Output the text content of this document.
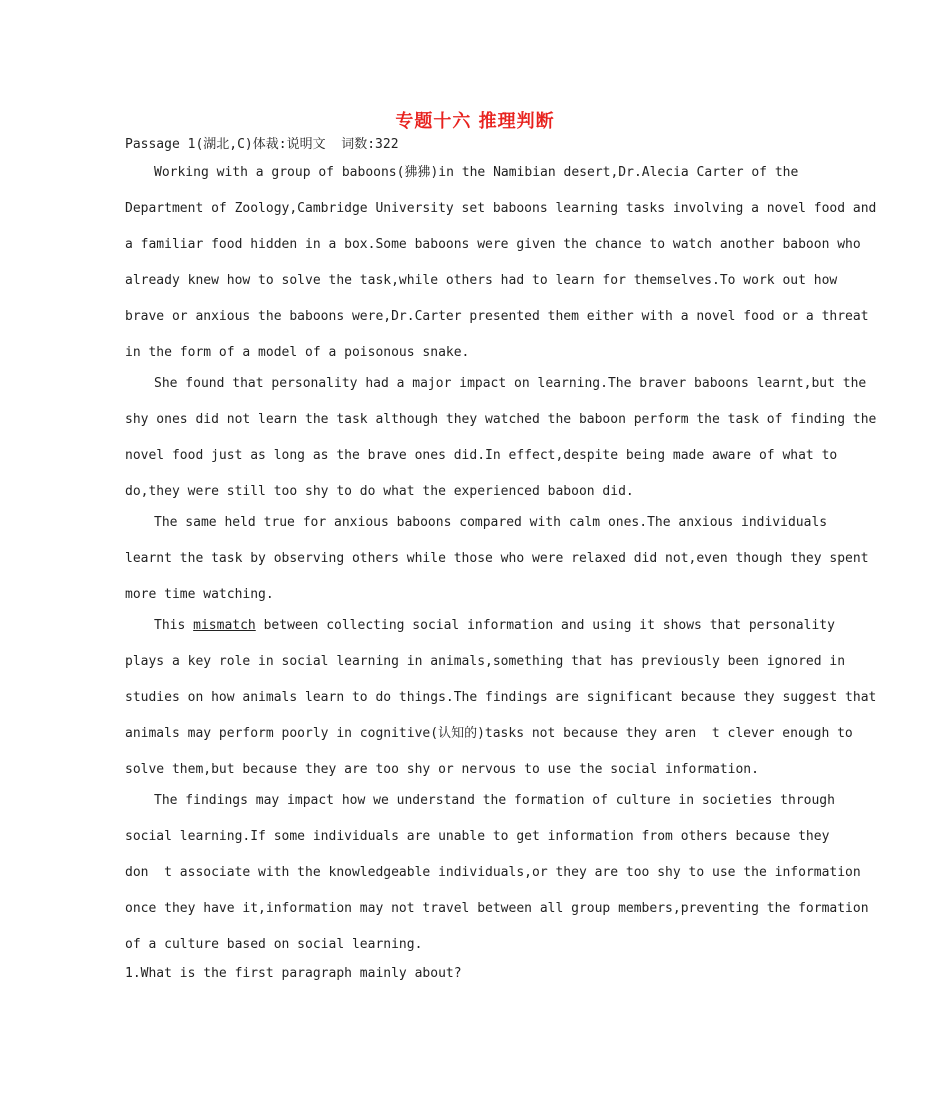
专题十六 推理判断
Passage 1(湖北,C)体裁:说明文  词数:322
Working with a group of baboons(狒狒)in the Namibian desert,Dr.Alecia Carter of the
Department of Zoology,Cambridge University set baboons learning tasks involving a novel food and
a familiar food hidden in a box.Some baboons were given the chance to watch another baboon who
already knew how to solve the task,while others had to learn for themselves.To work out how
brave or anxious the baboons were,Dr.Carter presented them either with a novel food or a threat
in the form of a model of a poisonous snake.
She found that personality had a major impact on learning.The braver baboons learnt,but the
shy ones did not learn the task although they watched the baboon perform the task of finding the
novel food just as long as the brave ones did.In effect,despite being made aware of what to
do,they were still too shy to do what the experienced baboon did.
The same held true for anxious baboons compared with calm ones.The anxious individuals
learnt the task by observing others while those who were relaxed did not,even though they spent
more time watching.
This mismatch between collecting social information and using it shows that personality
plays a key role in social learning in animals,something that has previously been ignored in
studies on how animals learn to do things.The findings are significant because they suggest that
animals may perform poorly in cognitive(认知的)tasks not because they aren  t clever enough to
solve them,but because they are too shy or nervous to use the social information.
The findings may impact how we understand the formation of culture in societies through
social learning.If some individuals are unable to get information from others because they
don  t associate with the knowledgeable individuals,or they are too shy to use the information
once they have it,information may not travel between all group members,preventing the formation
of a culture based on social learning.
1.What is the first paragraph mainly about?
